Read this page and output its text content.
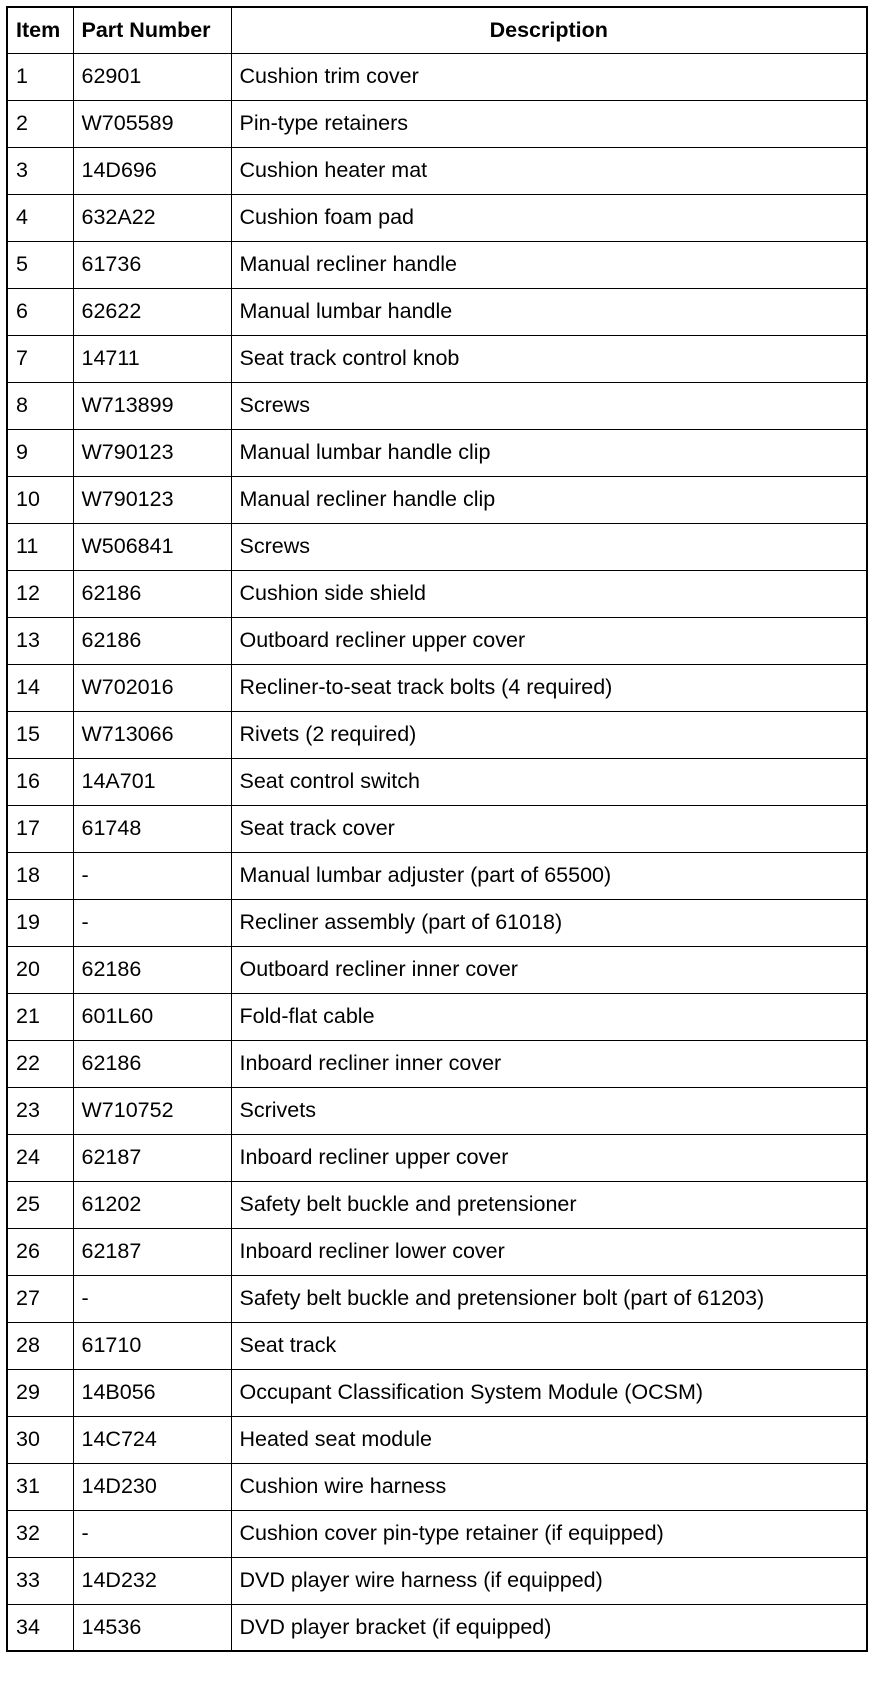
Item	Part Number	Description
1	62901	Cushion trim cover
2	W705589	Pin-type retainers
3	14D696	Cushion heater mat
4	632A22	Cushion foam pad
5	61736	Manual recliner handle
6	62622	Manual lumbar handle
7	14711	Seat track control knob
8	W713899	Screws
9	W790123	Manual lumbar handle clip
10	W790123	Manual recliner handle clip
11	W506841	Screws
12	62186	Cushion side shield
13	62186	Outboard recliner upper cover
14	W702016	Recliner-to-seat track bolts (4 required)
15	W713066	Rivets (2 required)
16	14A701	Seat control switch
17	61748	Seat track cover
18	-	Manual lumbar adjuster (part of 65500)
19	-	Recliner assembly (part of 61018)
20	62186	Outboard recliner inner cover
21	601L60	Fold-flat cable
22	62186	Inboard recliner inner cover
23	W710752	Scrivets
24	62187	Inboard recliner upper cover
25	61202	Safety belt buckle and pretensioner
26	62187	Inboard recliner lower cover
27	-	Safety belt buckle and pretensioner bolt (part of 61203)
28	61710	Seat track
29	14B056	Occupant Classification System Module (OCSM)
30	14C724	Heated seat module
31	14D230	Cushion wire harness
32	-	Cushion cover pin-type retainer (if equipped)
33	14D232	DVD player wire harness (if equipped)
34	14536	DVD player bracket (if equipped)
